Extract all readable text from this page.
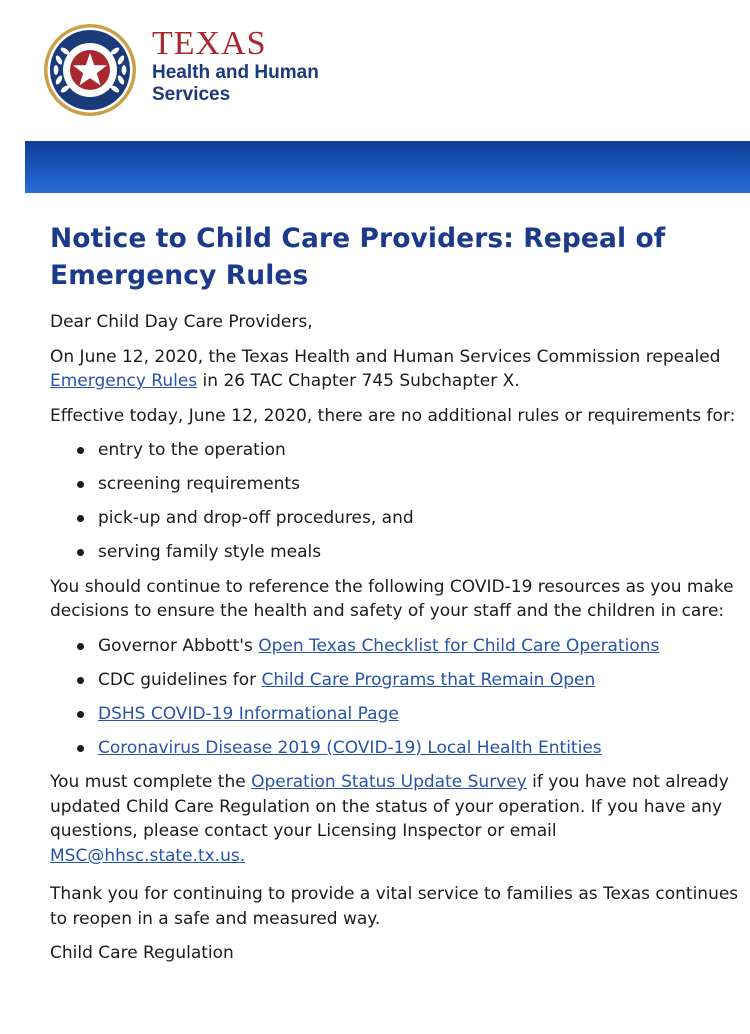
TEXAS
Health and Human
Services
Notice to Child Care Providers: Repeal of Emergency Rules

Dear Child Day Care Providers,

On June 12, 2020, the Texas Health and Human Services Commission repealed Emergency Rules in 26 TAC Chapter 745 Subchapter X.

Effective today, June 12, 2020, there are no additional rules or requirements for:

entry to the operation
screening requirements
pick-up and drop-off procedures, and
serving family style meals

You should continue to reference the following COVID-19 resources as you make decisions to ensure the health and safety of your staff and the children in care:

Governor Abbott's Open Texas Checklist for Child Care Operations
CDC guidelines for Child Care Programs that Remain Open
DSHS COVID-19 Informational Page
Coronavirus Disease 2019 (COVID-19) Local Health Entities

You must complete the Operation Status Update Survey if you have not already updated Child Care Regulation on the status of your operation. If you have any questions, please contact your Licensing Inspector or email MSC@hhsc.state.tx.us.

Thank you for continuing to provide a vital service to families as Texas continues to reopen in a safe and measured way.

Child Care Regulation
